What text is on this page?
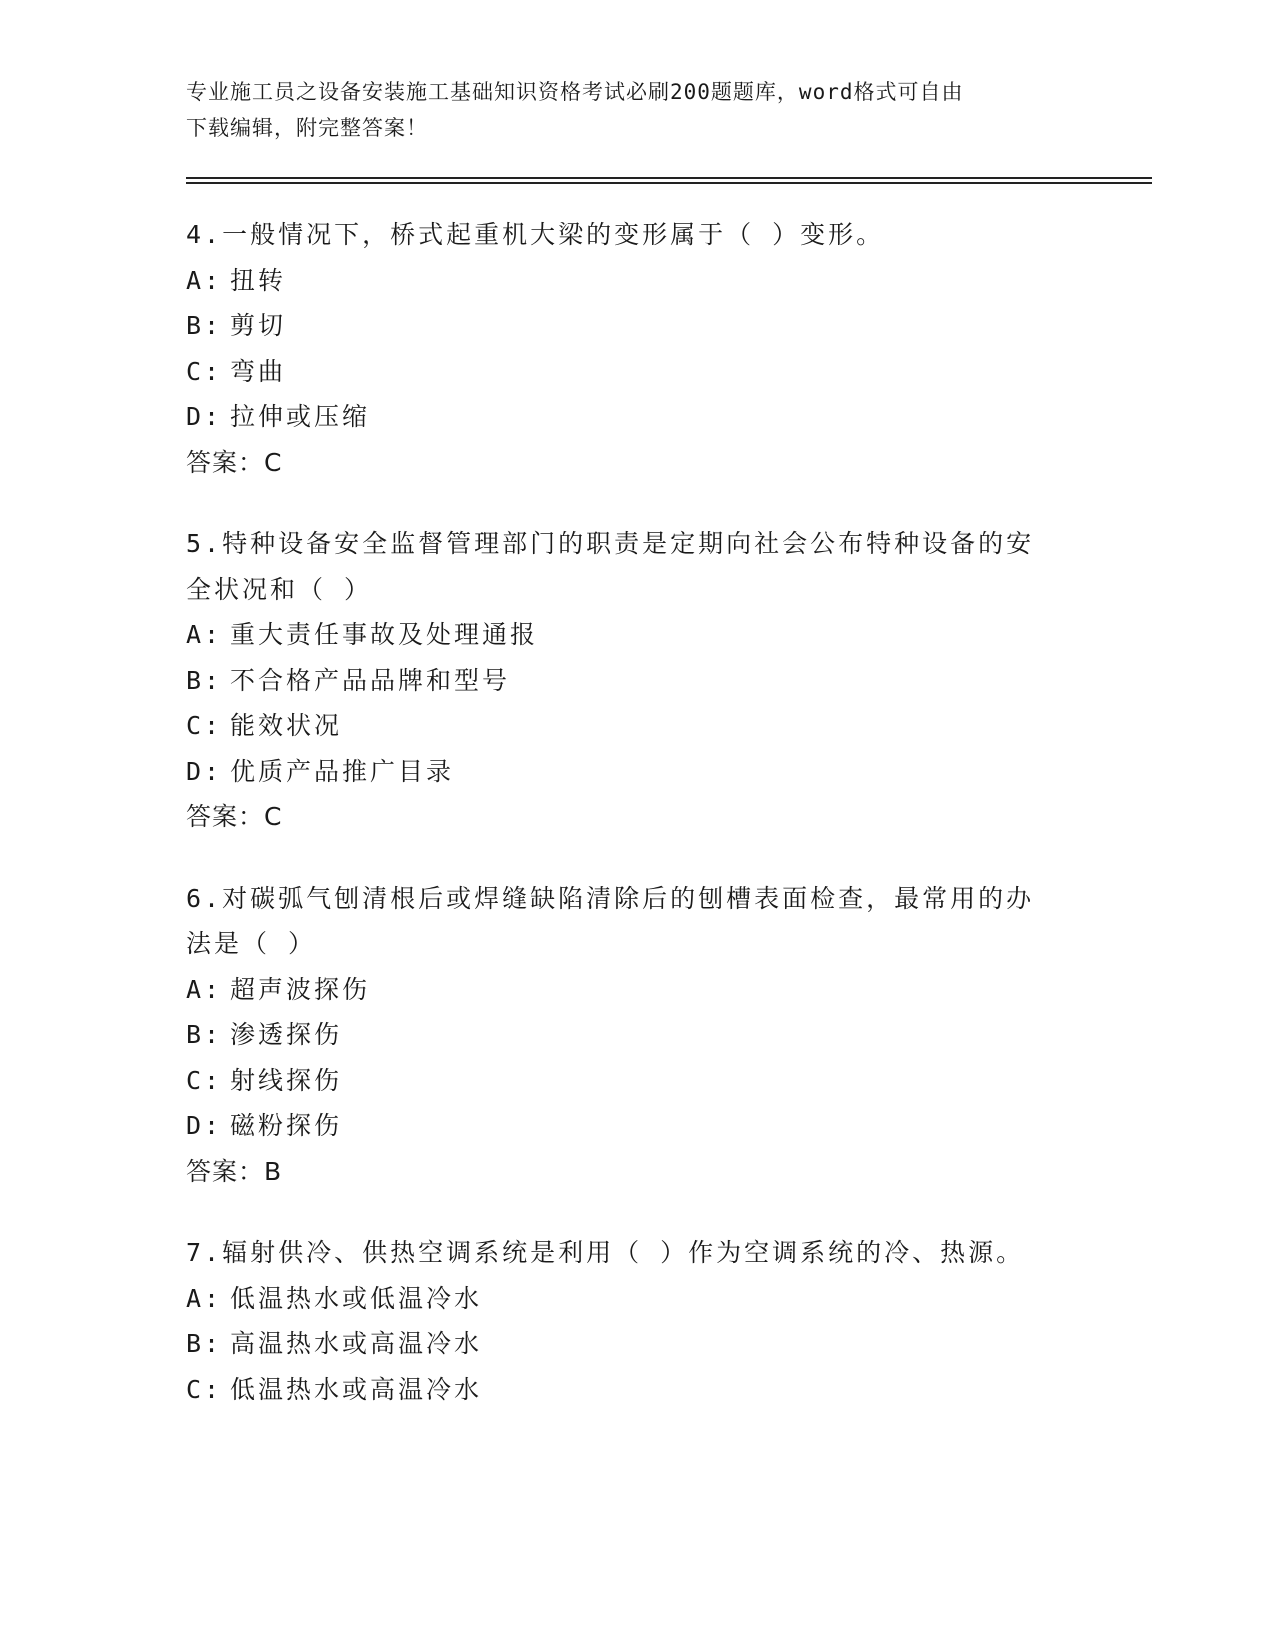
专业施工员之设备安装施工基础知识资格考试必刷200题题库，word格式可自由
下载编辑，附完整答案！
4.一般情况下，桥式起重机大梁的变形属于（ ）变形。
A: 扭转
B: 剪切
C: 弯曲
D: 拉伸或压缩
答案：C
5.特种设备安全监督管理部门的职责是定期向社会公布特种设备的安
全状况和（ ）
A: 重大责任事故及处理通报
B: 不合格产品品牌和型号
C: 能效状况
D: 优质产品推广目录
答案：C
6.对碳弧气刨清根后或焊缝缺陷清除后的刨槽表面检查，最常用的办
法是（ ）
A: 超声波探伤
B: 渗透探伤
C: 射线探伤
D: 磁粉探伤
答案：B
7.辐射供冷、供热空调系统是利用（ ）作为空调系统的冷、热源。
A: 低温热水或低温冷水
B: 高温热水或高温冷水
C: 低温热水或高温冷水
